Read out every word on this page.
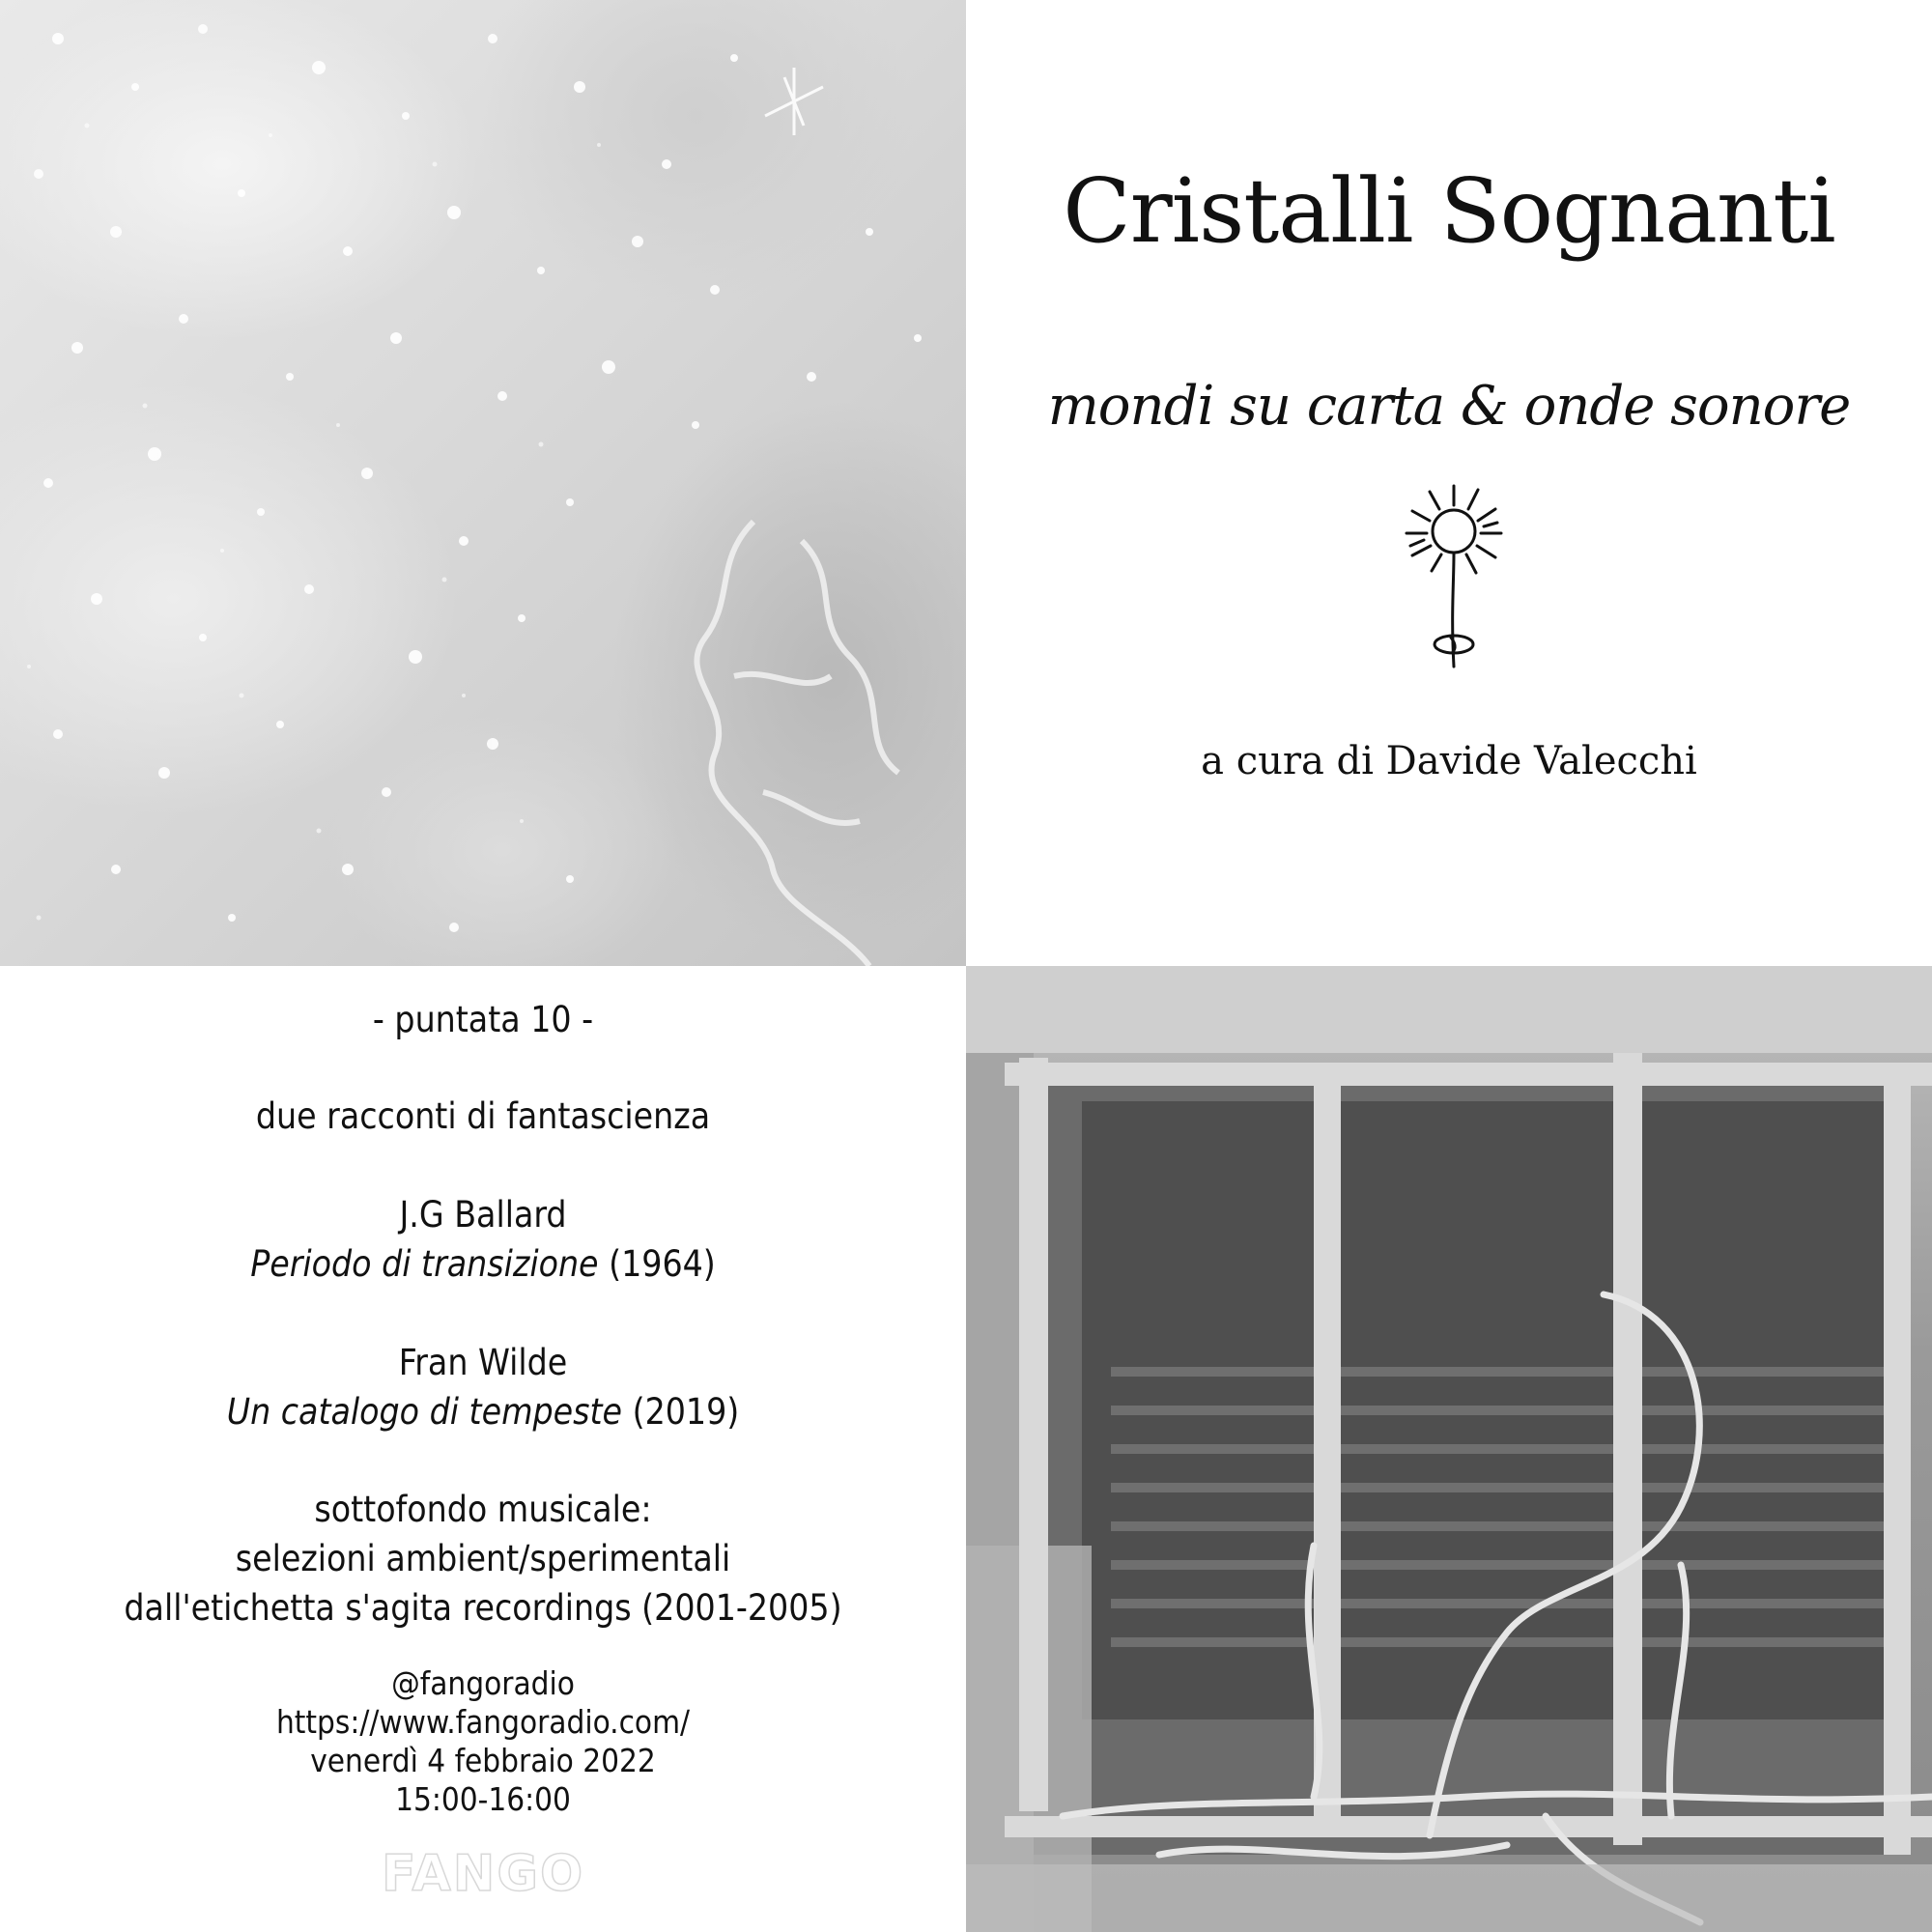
Cristalli Sognanti

mondi su carta & onde sonore

a cura di Davide Valecchi

- puntata 10 -

due racconti di fantascienza

J.G Ballard

Periodo di transizione (1964)

Fran Wilde

Un catalogo di tempeste (2019)

sottofondo musicale:

selezioni ambient/sperimentali

dall'etichetta s'agita recordings (2001-2005)

@fangoradio

https://www.fangoradio.com/

venerdì 4 febbraio 2022

15:00-16:00

FANGO
